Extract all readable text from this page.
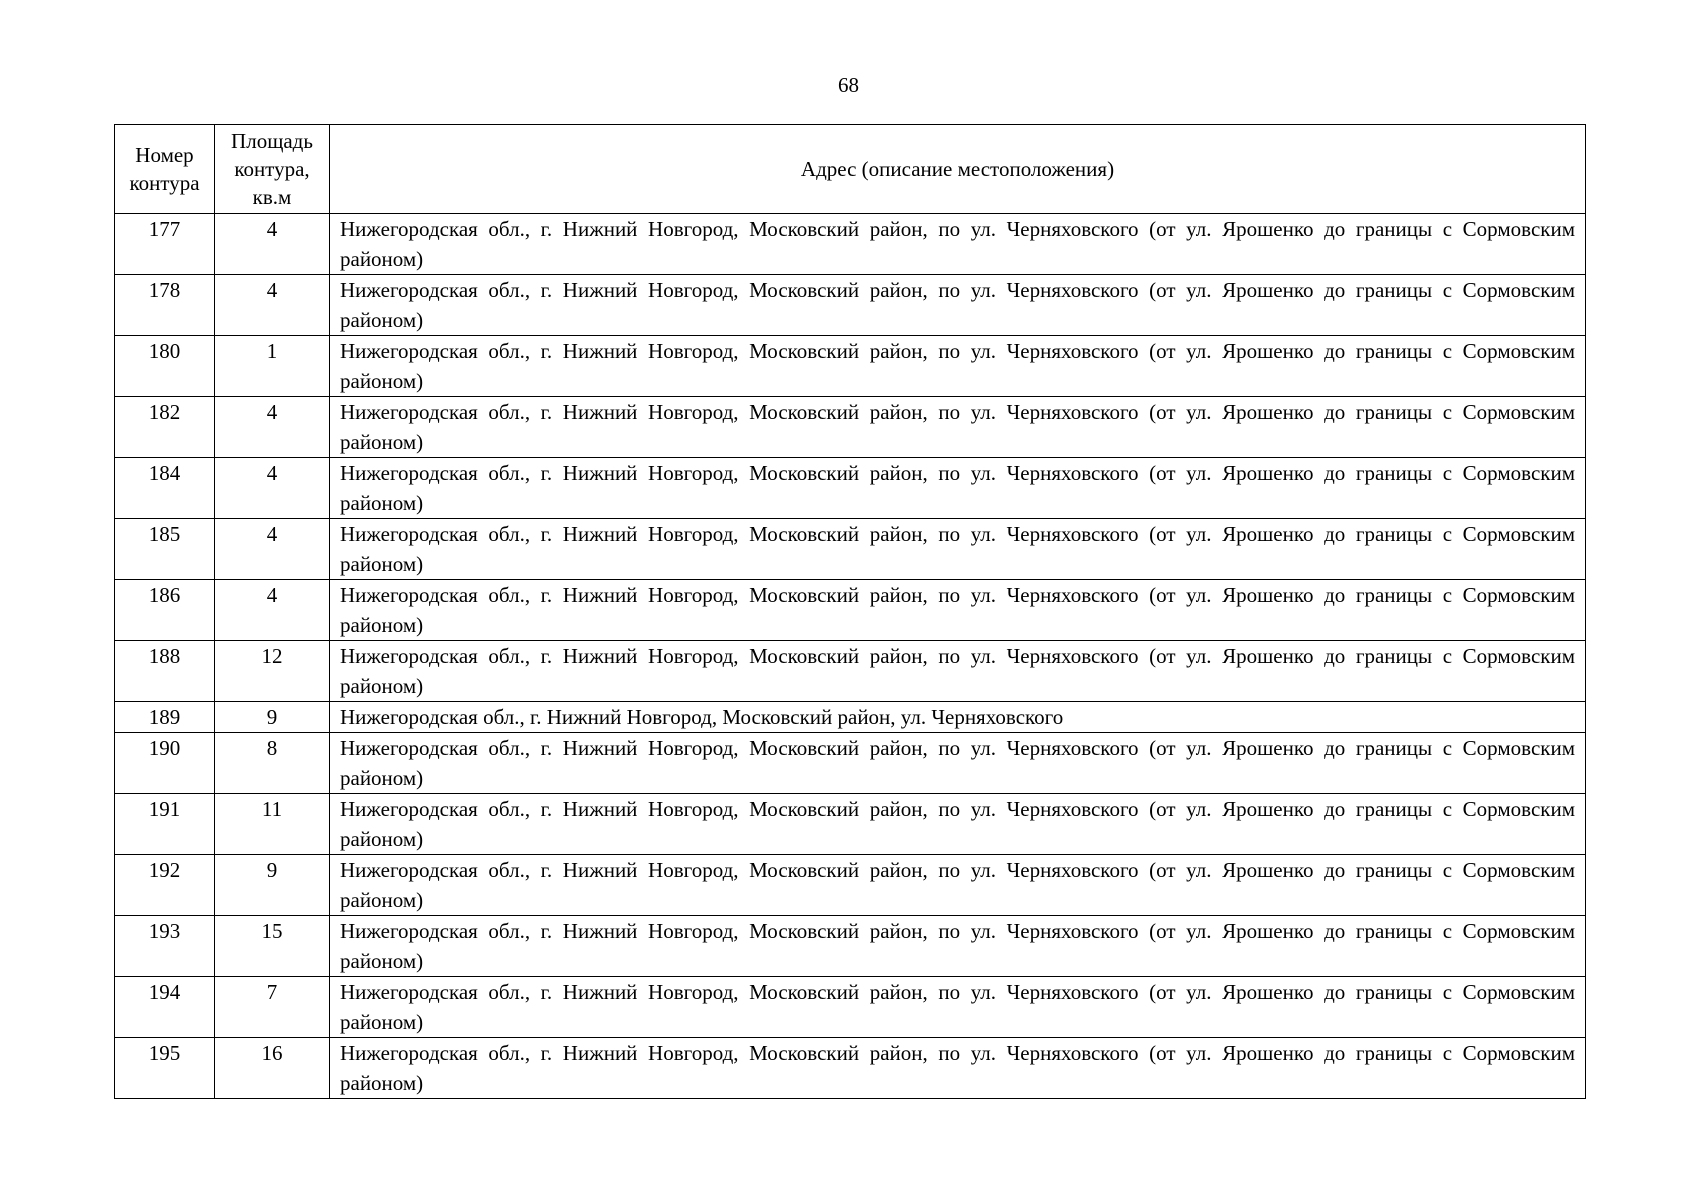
68
Номер контура	Площадь контура, кв.м	Адрес (описание местоположения)
177	4	Нижегородская обл., г. Нижний Новгород, Московский район, по ул. Черняховского (от ул. Ярошенко до границы с Сормовским районом)
178	4	Нижегородская обл., г. Нижний Новгород, Московский район, по ул. Черняховского (от ул. Ярошенко до границы с Сормовским районом)
180	1	Нижегородская обл., г. Нижний Новгород, Московский район, по ул. Черняховского (от ул. Ярошенко до границы с Сормовским районом)
182	4	Нижегородская обл., г. Нижний Новгород, Московский район, по ул. Черняховского (от ул. Ярошенко до границы с Сормовским районом)
184	4	Нижегородская обл., г. Нижний Новгород, Московский район, по ул. Черняховского (от ул. Ярошенко до границы с Сормовским районом)
185	4	Нижегородская обл., г. Нижний Новгород, Московский район, по ул. Черняховского (от ул. Ярошенко до границы с Сормовским районом)
186	4	Нижегородская обл., г. Нижний Новгород, Московский район, по ул. Черняховского (от ул. Ярошенко до границы с Сормовским районом)
188	12	Нижегородская обл., г. Нижний Новгород, Московский район, по ул. Черняховского (от ул. Ярошенко до границы с Сормовским районом)
189	9	Нижегородская обл., г. Нижний Новгород, Московский район, ул. Черняховского
190	8	Нижегородская обл., г. Нижний Новгород, Московский район, по ул. Черняховского (от ул. Ярошенко до границы с Сормовским районом)
191	11	Нижегородская обл., г. Нижний Новгород, Московский район, по ул. Черняховского (от ул. Ярошенко до границы с Сормовским районом)
192	9	Нижегородская обл., г. Нижний Новгород, Московский район, по ул. Черняховского (от ул. Ярошенко до границы с Сормовским районом)
193	15	Нижегородская обл., г. Нижний Новгород, Московский район, по ул. Черняховского (от ул. Ярошенко до границы с Сормовским районом)
194	7	Нижегородская обл., г. Нижний Новгород, Московский район, по ул. Черняховского (от ул. Ярошенко до границы с Сормовским районом)
195	16	Нижегородская обл., г. Нижний Новгород, Московский район, по ул. Черняховского (от ул. Ярошенко до границы с Сормовским районом)
